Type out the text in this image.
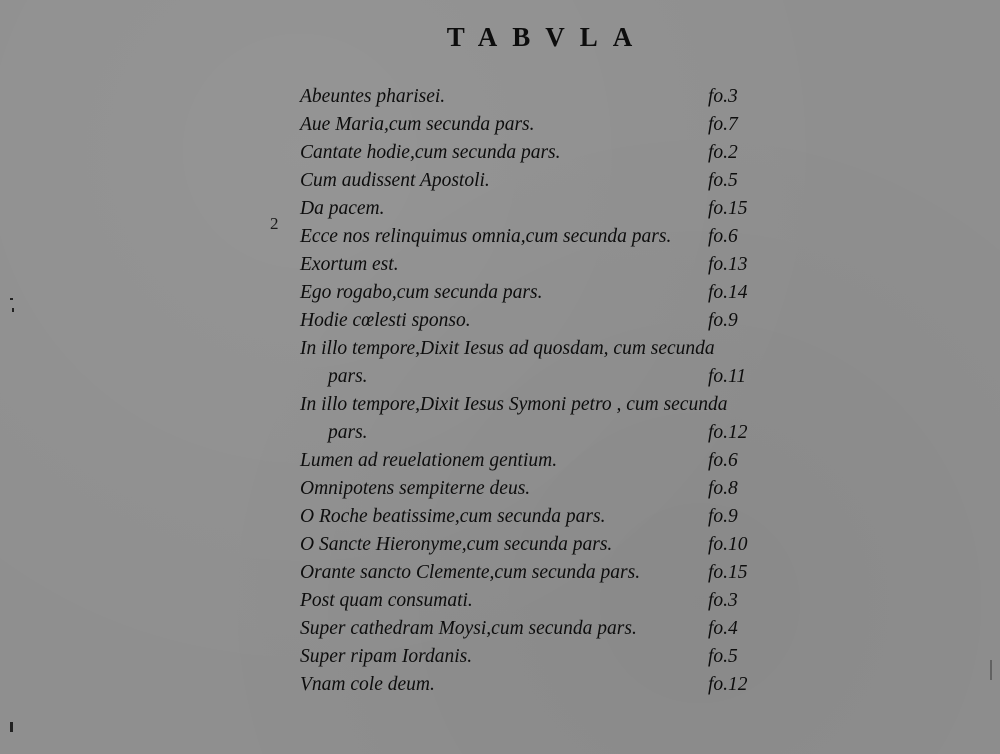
TABVLA
2
Abeuntes pharisei.	fo.3
Aue Maria,cum secunda pars.	fo.7
Cantate hodie,cum secunda pars.	fo.2
Cum audissent Apostoli.	fo.5
Da pacem.	fo.15
Ecce nos relinquimus omnia,cum secunda pars. fo.6
Exortum est.	fo.13
Ego rogabo,cum secunda pars.	fo.14
Hodie cœlesti sponso.	fo.9
In illo tempore,Dixit Iesus ad quosdam, cum secunda
pars.	fo.11
In illo tempore,Dixit Iesus Symoni petro , cum secunda
pars.	fo.12
Lumen ad reuelationem gentium.	fo.6
Omnipotens sempiterne deus.	fo.8
O Roche beatissime,cum secunda pars.	fo.9
O Sancte Hieronyme,cum secunda pars.	fo.10
Orante sancto Clemente,cum secunda pars.	fo.15
Post quam consumati.	fo.3
Super cathedram Moysi,cum secunda pars.	fo.4
Super ripam Iordanis.	fo.5
Vnam cole deum.	fo.12
